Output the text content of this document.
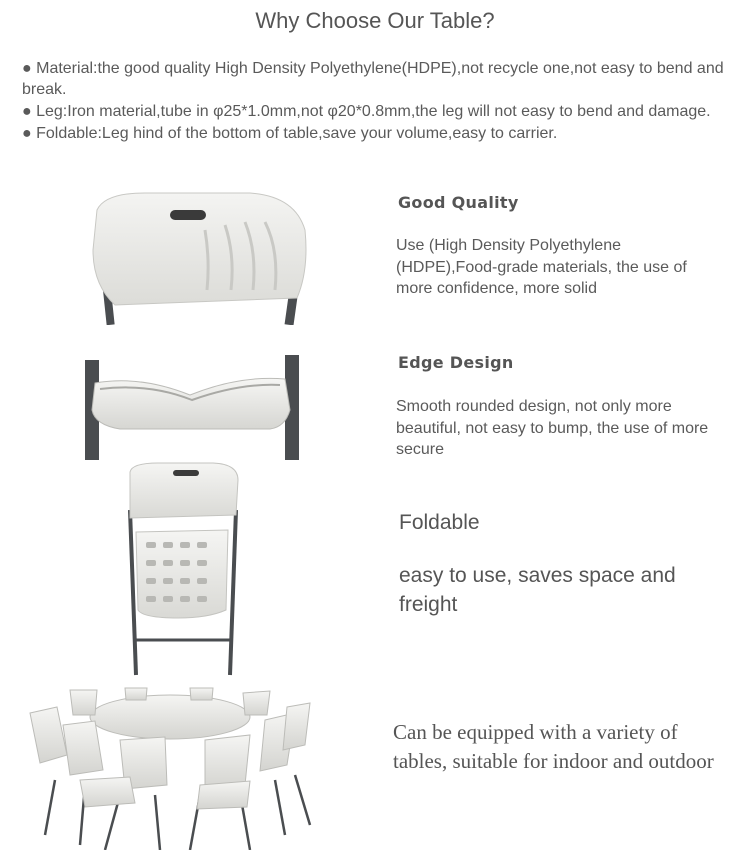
Why Choose Our Table?

● Material:the good quality High Density Polyethylene(HDPE),not recycle one,not easy to bend and break.

● Leg:Iron material,tube in φ25*1.0mm,not φ20*0.8mm,the leg will not easy to bend and damage.

● Foldable:Leg hind of the bottom of table,save your volume,easy to carrier.

Good Quality
Use (High Density Polyethylene (HDPE),Food-grade materials, the use of more confidence, more solid
Edge Design
Smooth rounded design, not only more beautiful, not easy to bump, the use of more secure
Foldable
easy to use, saves space and freight
Can be equipped with a variety of tables, suitable for indoor and outdoor
